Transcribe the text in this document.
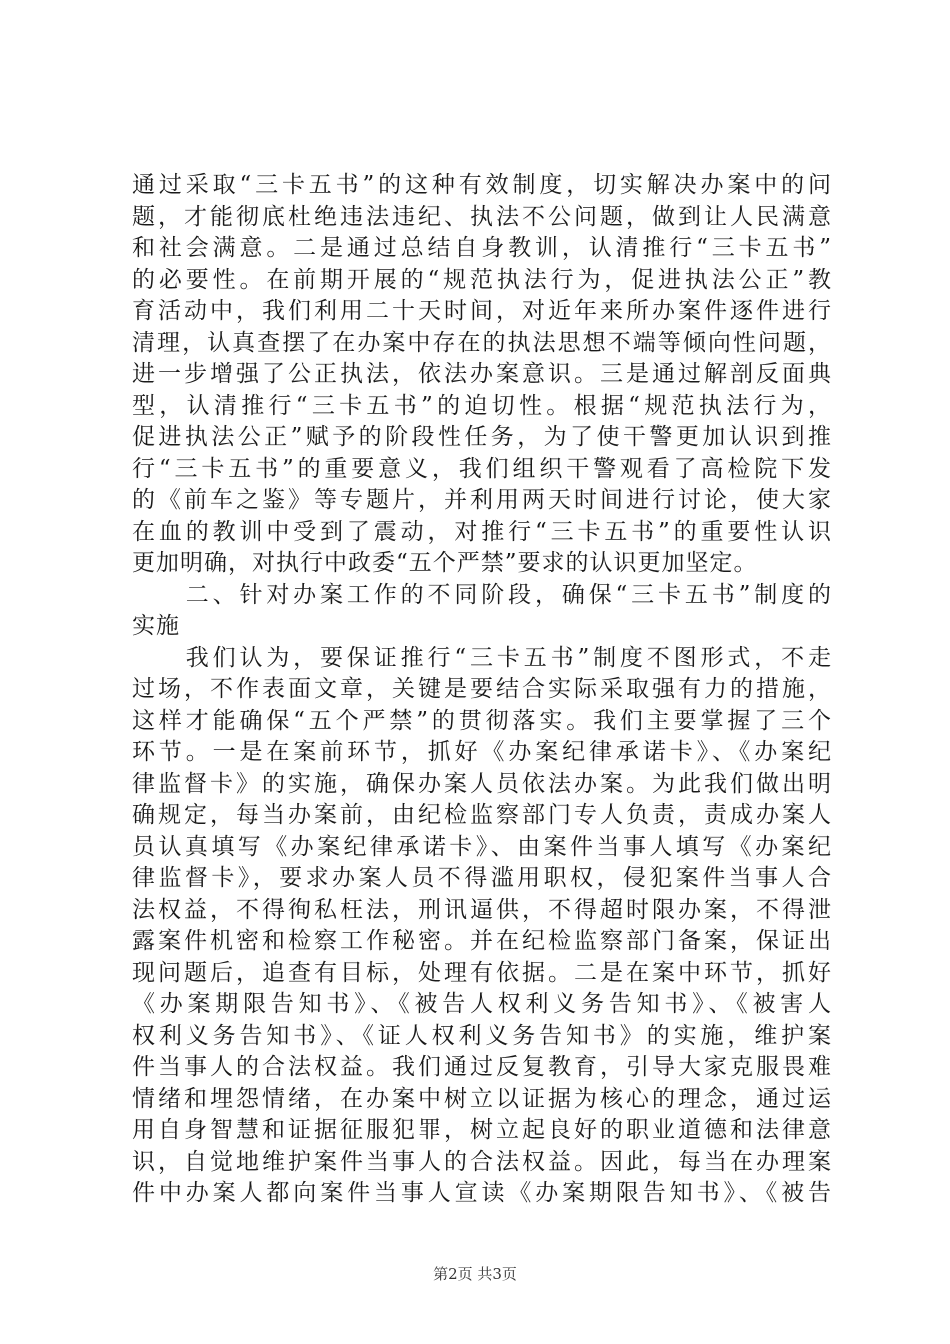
通过采取“三卡五书”的这种有效制度，切实解决办案中的问
题，才能彻底杜绝违法违纪、执法不公问题，做到让人民满意
和社会满意。二是通过总结自身教训，认清推行“三卡五书”
的必要性。在前期开展的“规范执法行为，促进执法公正”教
育活动中，我们利用二十天时间，对近年来所办案件逐件进行
清理，认真查摆了在办案中存在的执法思想不端等倾向性问题，
进一步增强了公正执法，依法办案意识。三是通过解剖反面典
型，认清推行“三卡五书”的迫切性。根据“规范执法行为，
促进执法公正”赋予的阶段性任务，为了使干警更加认识到推
行“三卡五书”的重要意义，我们组织干警观看了高检院下发
的《前车之鉴》等专题片，并利用两天时间进行讨论，使大家
在血的教训中受到了震动，对推行“三卡五书”的重要性认识
更加明确，对执行中政委“五个严禁”要求的认识更加坚定。
　　二、针对办案工作的不同阶段，确保“三卡五书”制度的
实施
　　我们认为，要保证推行“三卡五书”制度不图形式，不走
过场，不作表面文章，关键是要结合实际采取强有力的措施，
这样才能确保“五个严禁”的贯彻落实。我们主要掌握了三个
环节。一是在案前环节，抓好《办案纪律承诺卡》、《办案纪
律监督卡》的实施，确保办案人员依法办案。为此我们做出明
确规定，每当办案前，由纪检监察部门专人负责，责成办案人
员认真填写《办案纪律承诺卡》、由案件当事人填写《办案纪
律监督卡》，要求办案人员不得滥用职权，侵犯案件当事人合
法权益，不得徇私枉法，刑讯逼供，不得超时限办案，不得泄
露案件机密和检察工作秘密。并在纪检监察部门备案，保证出
现问题后，追查有目标，处理有依据。二是在案中环节，抓好
《办案期限告知书》、《被告人权利义务告知书》、《被害人
权利义务告知书》、《证人权利义务告知书》的实施，维护案
件当事人的合法权益。我们通过反复教育，引导大家克服畏难
情绪和埋怨情绪，在办案中树立以证据为核心的理念，通过运
用自身智慧和证据征服犯罪，树立起良好的职业道德和法律意
识，自觉地维护案件当事人的合法权益。因此，每当在办理案
件中办案人都向案件当事人宣读《办案期限告知书》、《被告
第2页 共3页
